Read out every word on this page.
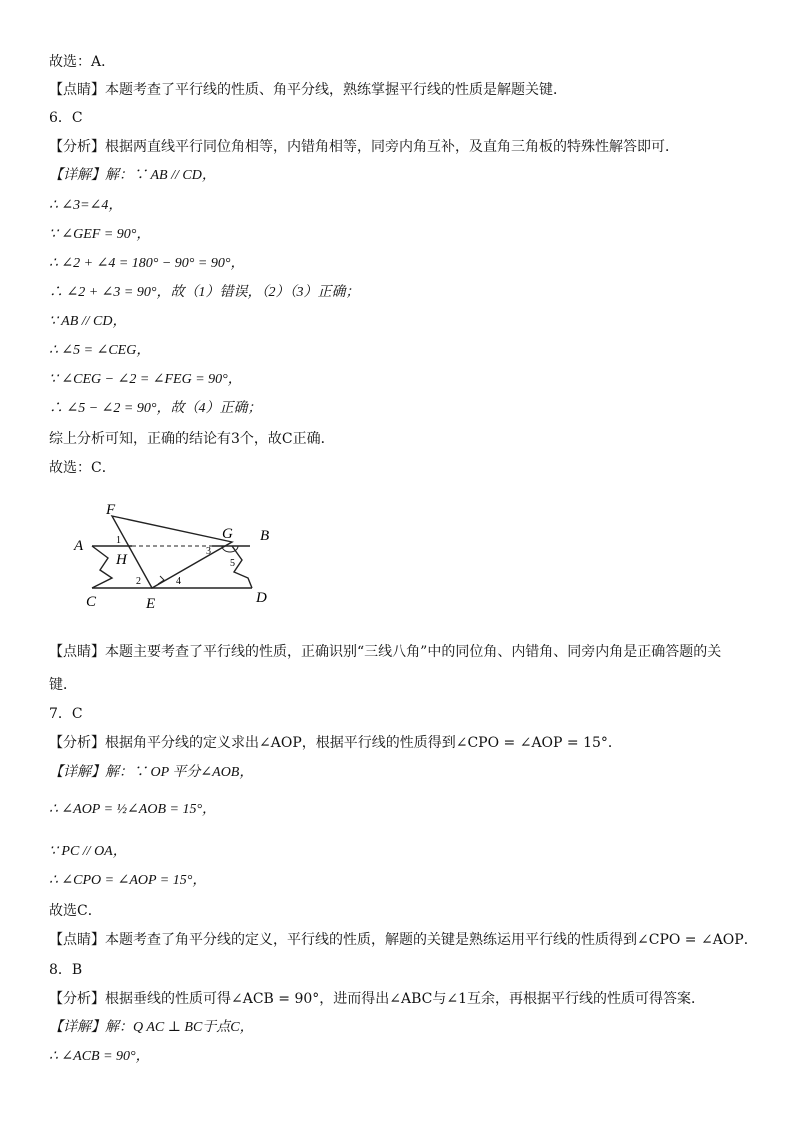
故选：A．
【点睛】本题考查了平行线的性质、角平分线，熟练掌握平行线的性质是解题关键．
6．C
【分析】根据两直线平行同位角相等，内错角相等，同旁内角互补，及直角三角板的特殊性解答即可．
【详解】解：∵ AB // CD，
∴ ∠3=∠4，
∵ ∠GEF = 90°，
∴ ∠2 + ∠4 = 180° − 90° = 90°，
∴ ∠2 + ∠3 = 90°，故（1）错误，（2）（3）正确；
∵ AB // CD，
∴ ∠5 = ∠CEG，
∵ ∠CEG − ∠2 = ∠FEG = 90°，
∴ ∠5 − ∠2 = 90°，故（4）正确；
综上分析可知，正确的结论有3个，故C正确．
故选：C．
F
A
H
G B
C	E	D
1
2
3
4
5
【点睛】本题主要考查了平行线的性质，正确识别“三线八角”中的同位角、内错角、同旁内角是正确答题的关
键．
7．C
【分析】根据角平分线的定义求出∠AOP，根据平行线的性质得到∠CPO = ∠AOP = 15°．
【详解】解：∵ OP 平分∠AOB，
∴ ∠AOP = ½∠AOB = 15°，
∵ PC // OA，
∴ ∠CPO = ∠AOP = 15°，
故选C．
【点睛】本题考查了角平分线的定义，平行线的性质，解题的关键是熟练运用平行线的性质得到∠CPO = ∠AOP．
8．B
【分析】根据垂线的性质可得∠ACB = 90°，进而得出∠ABC与∠1互余，再根据平行线的性质可得答案．
【详解】解：Q AC ⊥ BC于点C，
∴ ∠ACB = 90°，
